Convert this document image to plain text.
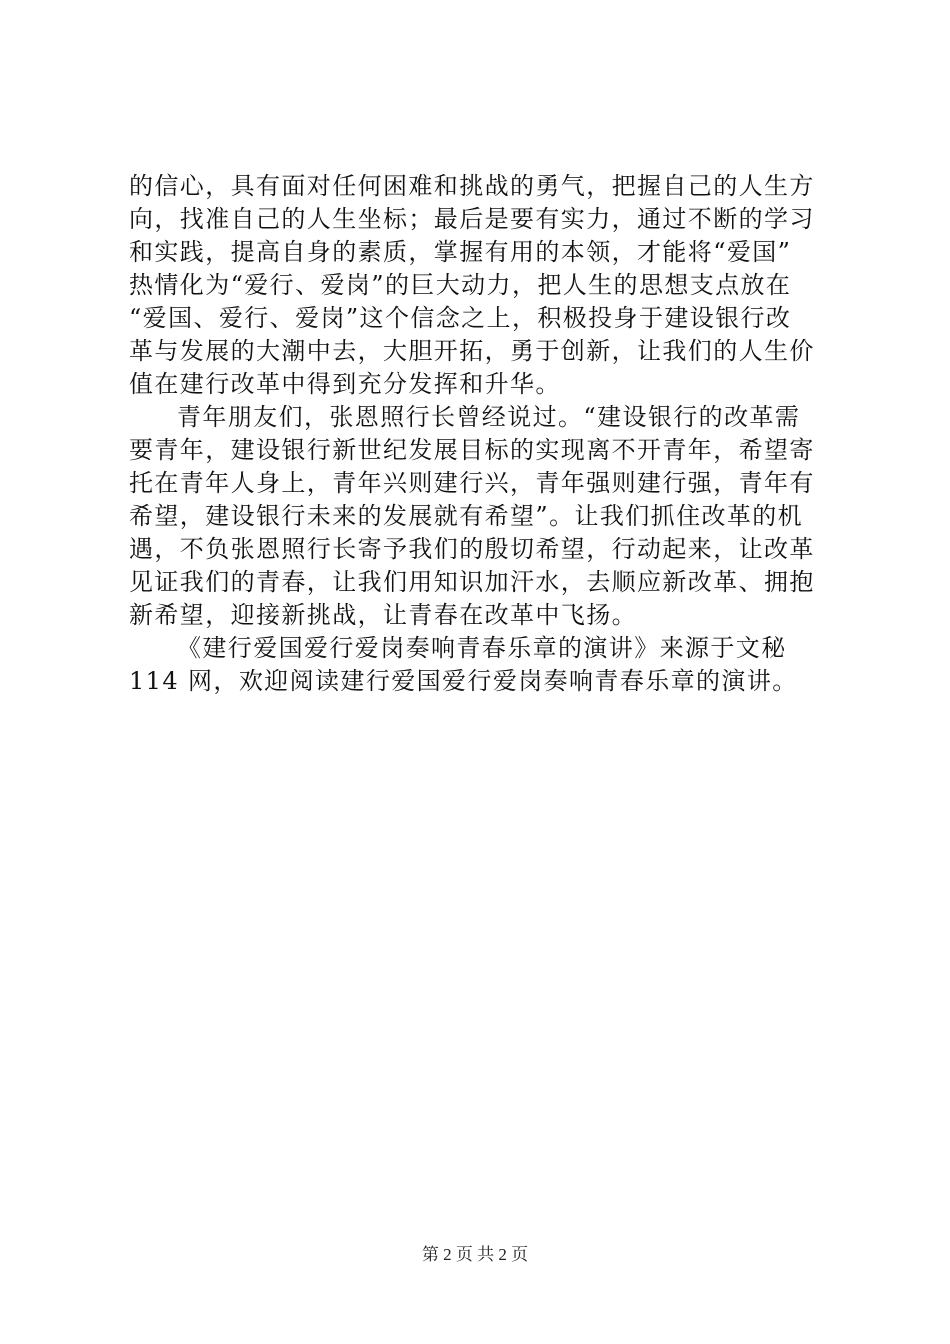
的信心，具有面对任何困难和挑战的勇气，把握自己的人生方
向，找准自己的人生坐标；最后是要有实力，通过不断的学习
和实践，提高自身的素质，掌握有用的本领，才能将“爱国”
热情化为“爱行、爱岗”的巨大动力，把人生的思想支点放在
“爱国、爱行、爱岗”这个信念之上，积极投身于建设银行改
革与发展的大潮中去，大胆开拓，勇于创新，让我们的人生价
值在建行改革中得到充分发挥和升华。
青年朋友们，张恩照行长曾经说过。“建设银行的改革需
要青年，建设银行新世纪发展目标的实现离不开青年，希望寄
托在青年人身上，青年兴则建行兴，青年强则建行强，青年有
希望，建设银行未来的发展就有希望”。让我们抓住改革的机
遇，不负张恩照行长寄予我们的殷切希望，行动起来，让改革
见证我们的青春，让我们用知识加汗水，去顺应新改革、拥抱
新希望，迎接新挑战，让青春在改革中飞扬。
《建行爱国爱行爱岗奏响青春乐章的演讲》来源于文秘
114 网，欢迎阅读建行爱国爱行爱岗奏响青春乐章的演讲。
第 2 页 共 2 页
